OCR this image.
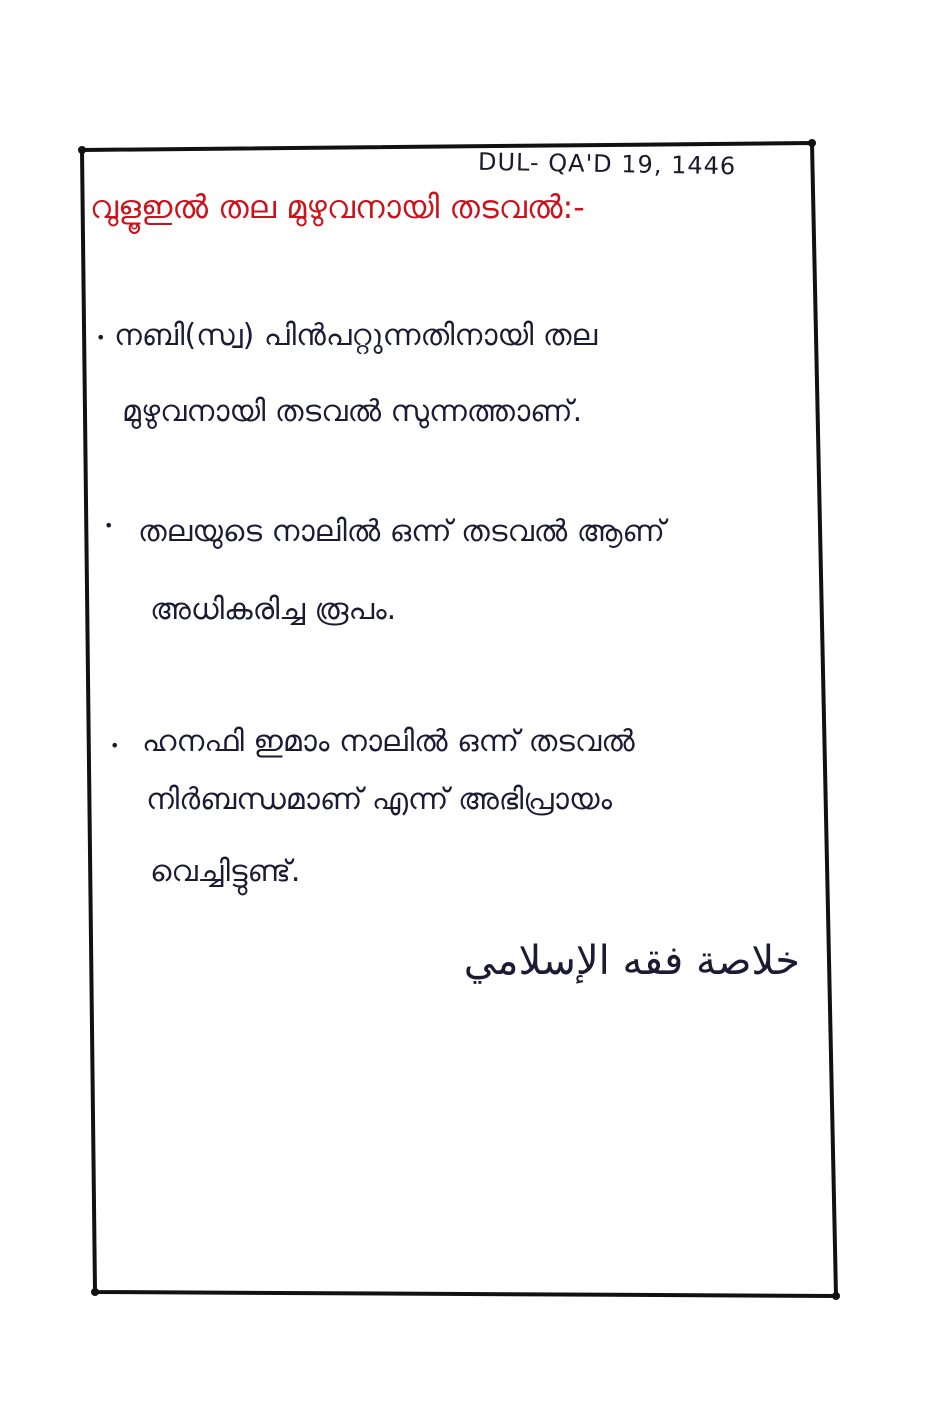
DUL- QA'D 19, 1446
വുളൂഇൽ തല മുഴുവനായി തടവൽ:-
• നബി(സ്വ) പിൻപറ്റുന്നതിനായി തല
മുഴുവനായി തടവൽ സുന്നത്താണ്.
• തലയുടെ നാലിൽ ഒന്ന് തടവൽ ആണ്
അധികരിച്ച രൂപം.
• ഹനഫി ഇമാം നാലിൽ ഒന്ന് തടവൽ
നിർബന്ധമാണ് എന്ന് അഭിപ്രായം
വെച്ചിട്ടുണ്ട്.
خلاصة فقه الإسلامي
